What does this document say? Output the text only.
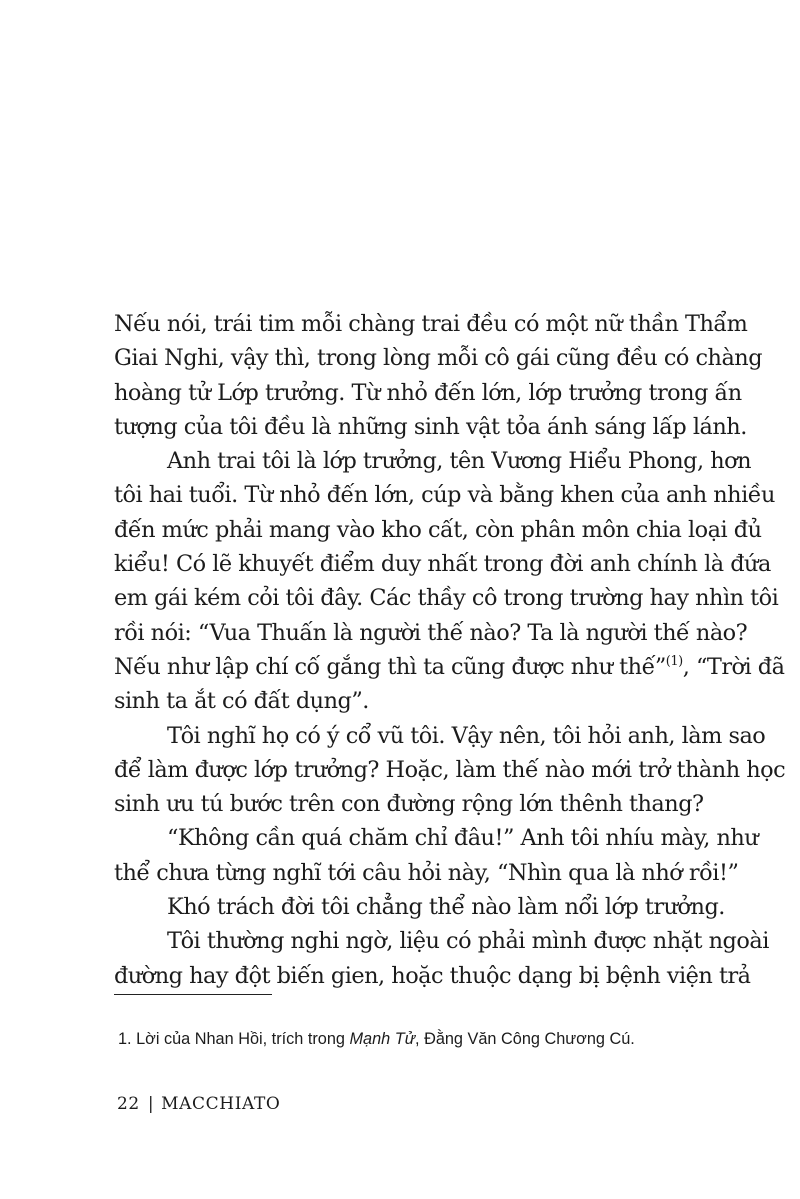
Nếu nói, trái tim mỗi chàng trai đều có một nữ thần Thẩm
Giai Nghi, vậy thì, trong lòng mỗi cô gái cũng đều có chàng
hoàng tử Lớp trưởng. Từ nhỏ đến lớn, lớp trưởng trong ấn
tượng của tôi đều là những sinh vật tỏa ánh sáng lấp lánh.
Anh trai tôi là lớp trưởng, tên Vương Hiểu Phong, hơn
tôi hai tuổi. Từ nhỏ đến lớn, cúp và bằng khen của anh nhiều
đến mức phải mang vào kho cất, còn phân môn chia loại đủ
kiểu! Có lẽ khuyết điểm duy nhất trong đời anh chính là đứa
em gái kém cỏi tôi đây. Các thầy cô trong trường hay nhìn tôi
rồi nói: “Vua Thuấn là người thế nào? Ta là người thế nào?
Nếu như lập chí cố gắng thì ta cũng được như thế”$^{(1)}$, “Trời đã
sinh ta ắt có đất dụng”.
Tôi nghĩ họ có ý cổ vũ tôi. Vậy nên, tôi hỏi anh, làm sao
để làm được lớp trưởng? Hoặc, làm thế nào mới trở thành học
sinh ưu tú bước trên con đường rộng lớn thênh thang?
“Không cần quá chăm chỉ đâu!” Anh tôi nhíu mày, như
thể chưa từng nghĩ tới câu hỏi này, “Nhìn qua là nhớ rồi!”
Khó trách đời tôi chẳng thể nào làm nổi lớp trưởng.
Tôi thường nghi ngờ, liệu có phải mình được nhặt ngoài
đường hay đột biến gien, hoặc thuộc dạng bị bệnh viện trả
1. Lời của Nhan Hồi, trích trong Mạnh Tử, Đằng Văn Công Chương Cú.
22 | MACCHIATO
